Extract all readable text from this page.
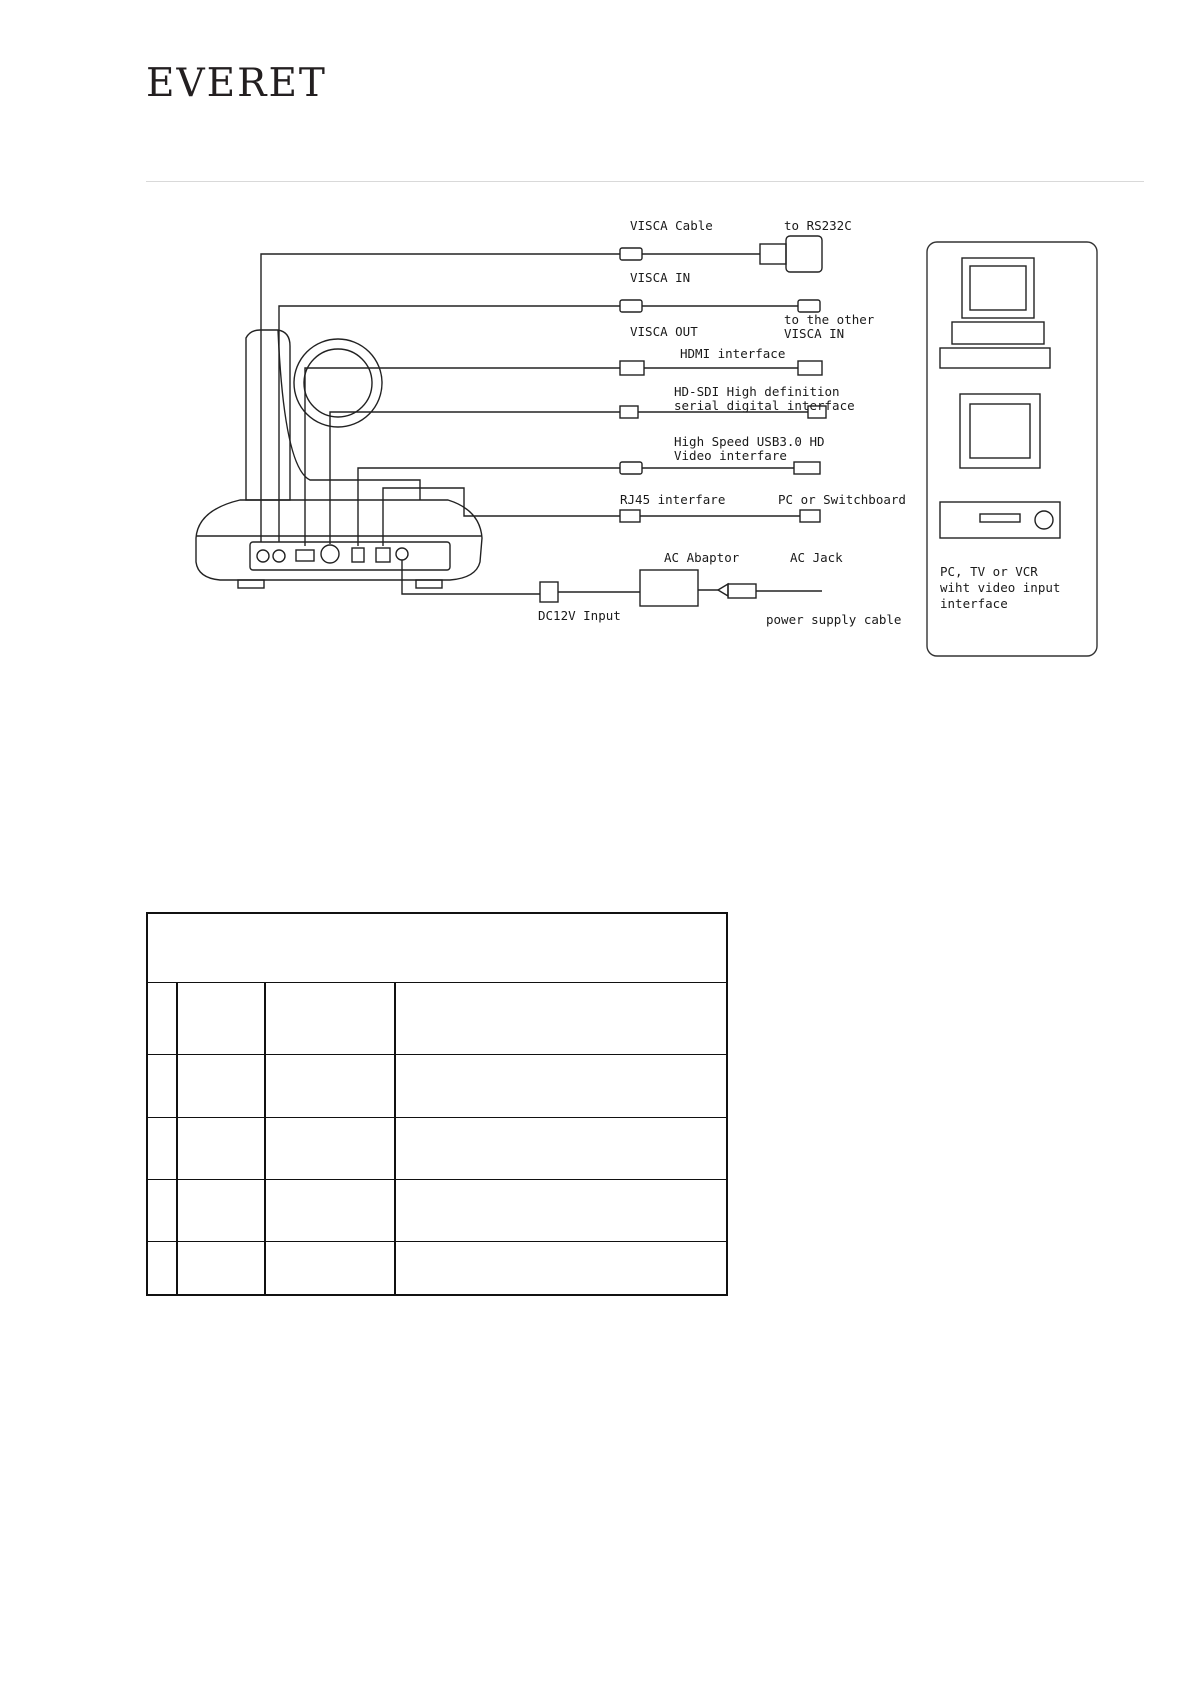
EVERET
VISCA Cable	to RS232C
VISCA IN
VISCA OUT
to the other
VISCA IN
HDMI interface
HD-SDI High definition
serial digital interface
High Speed USB3.0 HD
Video interfare
RJ45 interfare	PC or Switchboard
AC Abaptor	AC Jack
DC12V Input	power supply cable
PC, TV or VCR
wiht video input
interface
